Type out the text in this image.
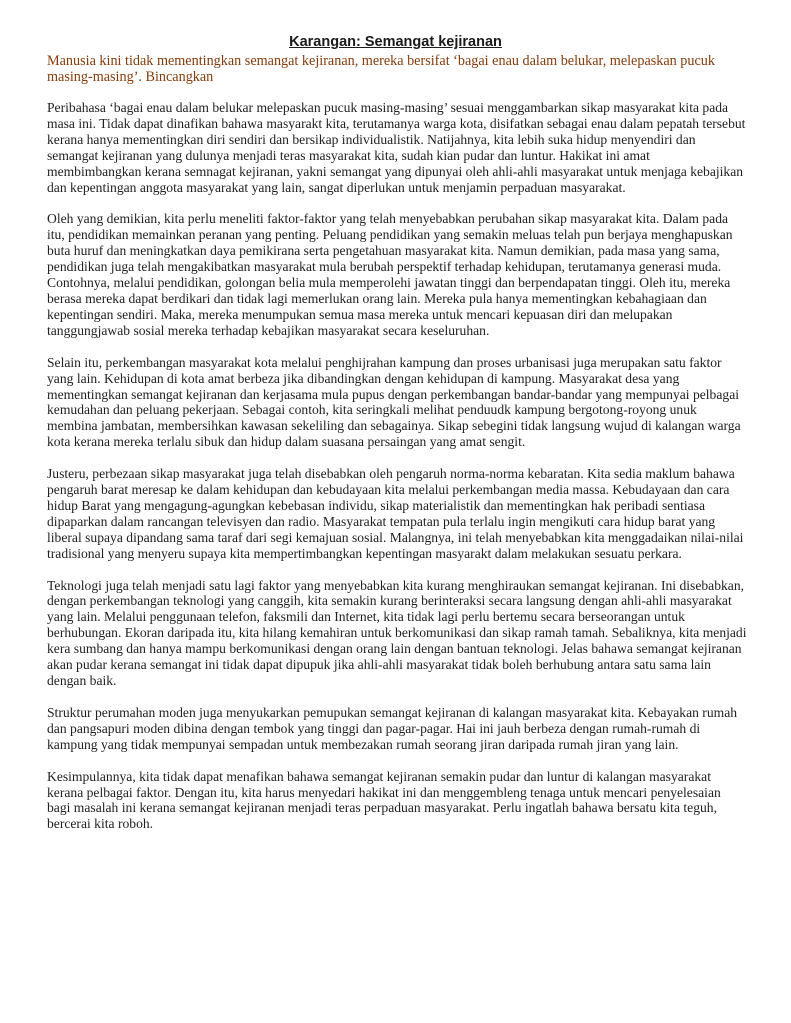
Karangan: Semangat kejiranan

Manusia kini tidak mementingkan semangat kejiranan, mereka bersifat ‘bagai enau dalam belukar, melepaskan pucuk masing-masing’. Bincangkan

Peribahasa ‘bagai enau dalam belukar melepaskan pucuk masing-masing’ sesuai menggambarkan sikap masyarakat kita pada masa ini. Tidak dapat dinafikan bahawa masyarakt kita, terutamanya warga kota, disifatkan sebagai enau dalam pepatah tersebut kerana hanya mementingkan diri sendiri dan bersikap individualistik. Natijahnya, kita lebih suka hidup menyendiri dan semangat kejiranan yang dulunya menjadi teras masyarakat kita, sudah kian pudar dan luntur. Hakikat ini amat membimbangkan kerana semnagat kejiranan, yakni semangat yang dipunyai oleh ahli-ahli masyarakat untuk menjaga kebajikan dan kepentingan anggota masyarakat yang lain, sangat diperlukan untuk menjamin perpaduan masyarakat.

Oleh yang demikian, kita perlu meneliti faktor-faktor yang telah menyebabkan perubahan sikap masyarakat kita. Dalam pada itu, pendidikan memainkan peranan yang penting. Peluang pendidikan yang semakin meluas telah pun berjaya menghapuskan buta huruf dan meningkatkan daya pemikirana serta pengetahuan masyarakat kita. Namun demikian, pada masa yang sama, pendidikan juga telah mengakibatkan masyarakat mula berubah perspektif terhadap kehidupan, terutamanya generasi muda. Contohnya, melalui pendidikan, golongan belia mula memperolehi jawatan tinggi dan berpendapatan tinggi. Oleh itu, mereka berasa mereka dapat berdikari dan tidak lagi memerlukan orang lain. Mereka pula hanya mementingkan kebahagiaan dan kepentingan sendiri. Maka, mereka menumpukan semua masa mereka untuk mencari kepuasan diri dan melupakan tanggungjawab sosial mereka terhadap kebajikan masyarakat secara keseluruhan.

Selain itu, perkembangan masyarakat kota melalui penghijrahan kampung dan proses urbanisasi juga merupakan satu faktor yang lain. Kehidupan di kota amat berbeza jika dibandingkan dengan kehidupan di kampung. Masyarakat desa yang mementingkan semangat kejiranan dan kerjasama mula pupus dengan perkembangan bandar-bandar yang mempunyai pelbagai kemudahan dan peluang pekerjaan. Sebagai contoh, kita seringkali melihat penduudk kampung bergotong-royong unuk membina jambatan, membersihkan kawasan sekeliling dan sebagainya. Sikap sebegini tidak langsung wujud di kalangan warga kota kerana mereka terlalu sibuk dan hidup dalam suasana persaingan yang amat sengit.

Justeru, perbezaan sikap masyarakat juga telah disebabkan oleh pengaruh norma-norma kebaratan. Kita sedia maklum bahawa pengaruh barat meresap ke dalam kehidupan dan kebudayaan kita melalui perkembangan media massa. Kebudayaan dan cara hidup Barat yang mengagung-agungkan kebebasan individu, sikap materialistik dan mementingkan hak peribadi sentiasa dipaparkan dalam rancangan televisyen dan radio. Masyarakat tempatan pula terlalu ingin mengikuti cara hidup barat yang liberal supaya dipandang sama taraf dari segi kemajuan sosial. Malangnya, ini telah menyebabkan kita menggadaikan nilai-nilai tradisional yang menyeru supaya kita mempertimbangkan kepentingan masyarakt dalam melakukan sesuatu perkara.

Teknologi juga telah menjadi satu lagi faktor yang menyebabkan kita kurang menghiraukan semangat kejiranan. Ini disebabkan, dengan perkembangan teknologi yang canggih, kita semakin kurang berinteraksi secara langsung dengan ahli-ahli masyarakat yang lain. Melalui penggunaan telefon, faksmili dan Internet, kita tidak lagi perlu bertemu secara berseorangan untuk berhubungan. Ekoran daripada itu, kita hilang kemahiran untuk berkomunikasi dan sikap ramah tamah. Sebaliknya, kita menjadi kera sumbang dan hanya mampu berkomunikasi dengan orang lain dengan bantuan teknologi. Jelas bahawa semangat kejiranan akan pudar kerana semangat ini tidak dapat dipupuk jika ahli-ahli masyarakat tidak boleh berhubung antara satu sama lain dengan baik.

Struktur perumahan moden juga menyukarkan pemupukan semangat kejiranan di kalangan masyarakat kita. Kebayakan rumah dan pangsapuri moden dibina dengan tembok yang tinggi dan pagar-pagar. Hai ini jauh berbeza dengan rumah-rumah di kampung yang tidak mempunyai sempadan untuk membezakan rumah seorang jiran daripada rumah jiran yang lain.

Kesimpulannya, kita tidak dapat menafikan bahawa semangat kejiranan semakin pudar dan luntur di kalangan masyarakat kerana pelbagai faktor. Dengan itu, kita harus menyedari hakikat ini dan menggembleng tenaga untuk mencari penyelesaian bagi masalah ini kerana semangat kejiranan menjadi teras perpaduan masyarakat. Perlu ingatlah bahawa bersatu kita teguh, bercerai kita roboh.
